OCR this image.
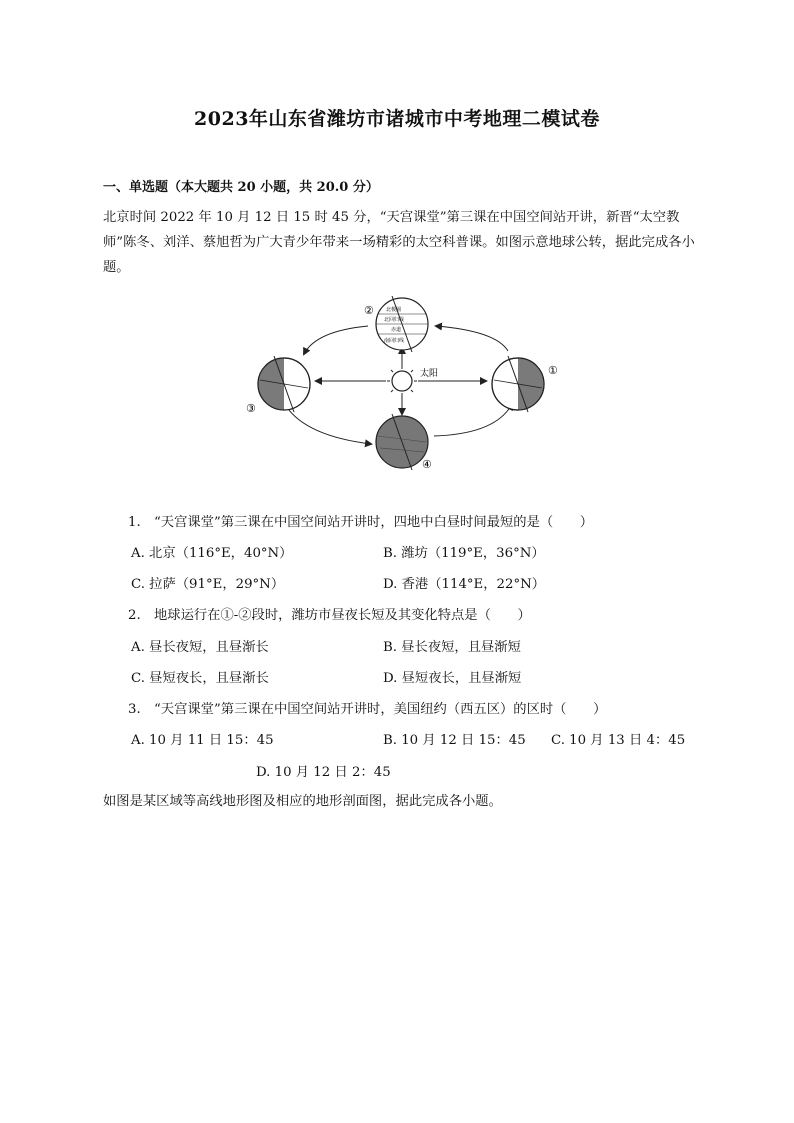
2023年山东省潍坊市诸城市中考地理二模试卷
一、单选题（本大题共 20 小题，共 20.0 分）
北京时间 2022 年 10 月 12 日 15 时 45 分，“天宫课堂”第三课在中国空间站开讲，新晋“太空教师”陈冬、刘洋、蔡旭哲为广大青少年带来一场精彩的太空科普课。如图示意地球公转，据此完成各小题。
太阳	①
北极圈
北回归线
赤道
南回归线
②
③
④
1.　“天宫课堂”第三课在中国空间站开讲时，四地中白昼时间最短的是（　　）
A. 北京（116°E，40°N）	B. 潍坊（119°E，36°N）
C. 拉萨（91°E，29°N）	D. 香港（114°E，22°N）
2.　地球运行在①-②段时，潍坊市昼夜长短及其变化特点是（　　）
A. 昼长夜短，且昼渐长	B. 昼长夜短，且昼渐短
C. 昼短夜长，且昼渐长	D. 昼短夜长，且昼渐短
3.　“天宫课堂”第三课在中国空间站开讲时，美国纽约（西五区）的区时（　　）
A. 10 月 11 日 15：45	B. 10 月 12 日 15：45 C. 10 月 13 日 4：45
D. 10 月 12 日 2：45
如图是某区域等高线地形图及相应的地形剖面图，据此完成各小题。
